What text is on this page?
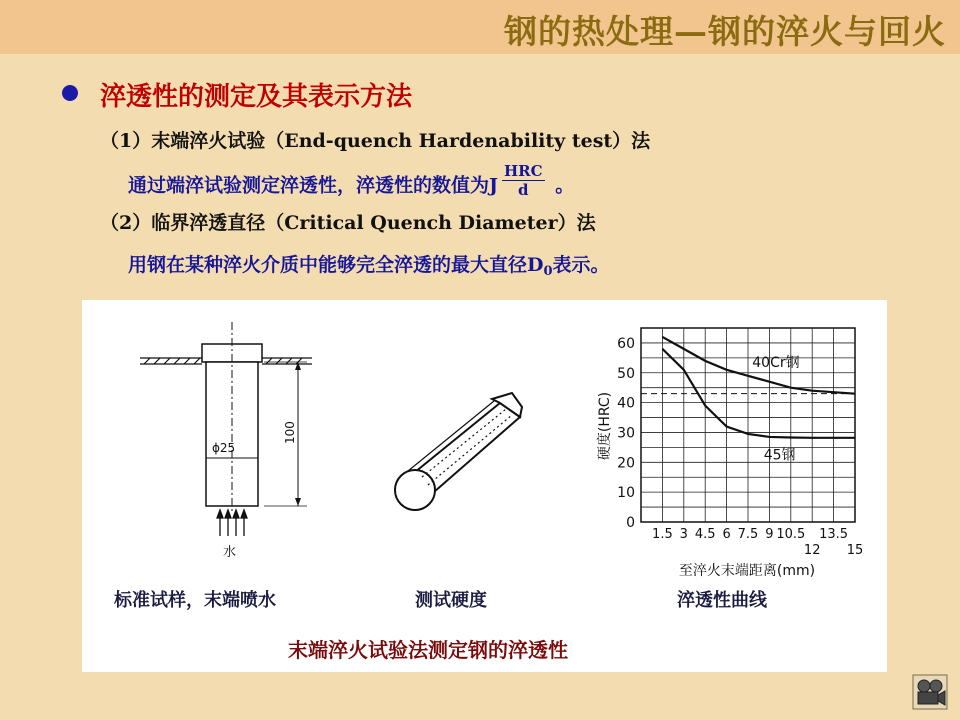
钢的热处理—钢的淬火与回火
淬透性的测定及其表示方法
（1）末端淬火试验（End-quench Hardenability test）法
通过端淬试验测定淬透性，淬透性的数值为J $\frac{\text{HRC}}{d}$ 。
（2）临界淬透直径（Critical Quench Diameter）法
用钢在某种淬火介质中能够完全淬透的最大直径$D_0$表示。
ϕ25
100
水
60
50
40
30
20
10
0
1.5 3 4.5 6 7.5 9 10.5 13.5
12 15
40Cr钢
45钢
硬度(HRC)
至淬火末端距离(mm)
标准试样，末端喷水	测试硬度	淬透性曲线
末端淬火试验法测定钢的淬透性
